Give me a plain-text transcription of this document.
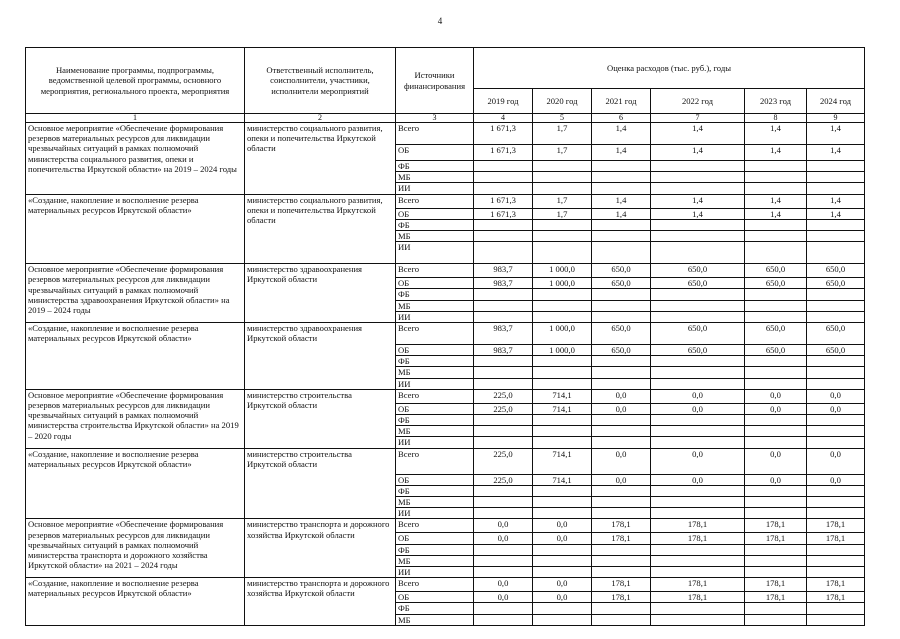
4
Наименование программы, подпрограммы, ведомственной целевой программы, основного мероприятия, регионального проекта, мероприятия	Ответственный исполнитель, соисполнители, участники, исполнители мероприятий	Источники финансирования	Оценка расходов (тыс. руб.), годы					
			2019 год	2020 год	2021 год	2022 год	2023 год	2024 год
1	2	3	4	5	6	7	8	9
Основное мероприятие «Обеспечение формирования резервов материальных ресурсов для ликвидации чрезвычайных ситуаций в рамках полномочий министерства социального развития, опеки и попечительства Иркутской области» на 2019 – 2024 годы	министерство социального развития, опеки и попечительства Иркутской области	Всего	1 671,3	1,7	1,4	1,4	1,4	1,4
		ОБ	1 671,3	1,7	1,4	1,4	1,4	1,4
		ФБ						
		МБ						
		ИИ						
«Создание, накопление и восполнение резерва материальных ресурсов Иркутской области»	министерство социального развития, опеки и попечительства Иркутской области	Всего	1 671,3	1,7	1,4	1,4	1,4	1,4
		ОБ	1 671,3	1,7	1,4	1,4	1,4	1,4
		ФБ						
		МБ						
		ИИ						
Основное мероприятие «Обеспечение формирования резервов материальных ресурсов для ликвидации чрезвычайных ситуаций в рамках полномочий министерства здравоохранения Иркутской области» на 2019 – 2024 годы	министерство здравоохранения Иркутской области	Всего	983,7	1 000,0	650,0	650,0	650,0	650,0
		ОБ	983,7	1 000,0	650,0	650,0	650,0	650,0
		ФБ						
		МБ						
		ИИ						
«Создание, накопление и восполнение резерва материальных ресурсов Иркутской области»	министерство здравоохранения Иркутской области	Всего	983,7	1 000,0	650,0	650,0	650,0	650,0
		ОБ	983,7	1 000,0	650,0	650,0	650,0	650,0
		ФБ						
		МБ						
		ИИ						
Основное мероприятие «Обеспечение формирования резервов материальных ресурсов для ликвидации чрезвычайных ситуаций в рамках полномочий министерства строительства Иркутской области» на 2019 – 2020 годы	министерство строительства Иркутской области	Всего	225,0	714,1	0,0	0,0	0,0	0,0
		ОБ	225,0	714,1	0,0	0,0	0,0	0,0
		ФБ						
		МБ						
		ИИ						
«Создание, накопление и восполнение резерва материальных ресурсов Иркутской области»	министерство строительства Иркутской области	Всего	225,0	714,1	0,0	0,0	0,0	0,0
		ОБ	225,0	714,1	0,0	0,0	0,0	0,0
		ФБ						
		МБ						
		ИИ						
Основное мероприятие «Обеспечение формирования резервов материальных ресурсов для ликвидации чрезвычайных ситуаций в рамках полномочий министерства транспорта и дорожного хозяйства Иркутской области» на 2021 – 2024 годы	министерство транспорта и дорожного хозяйства Иркутской области	Всего	0,0	0,0	178,1	178,1	178,1	178,1
		ОБ	0,0	0,0	178,1	178,1	178,1	178,1
		ФБ						
		МБ						
		ИИ						
«Создание, накопление и восполнение резерва материальных ресурсов Иркутской области»	министерство транспорта и дорожного хозяйства Иркутской области	Всего	0,0	0,0	178,1	178,1	178,1	178,1
		ОБ	0,0	0,0	178,1	178,1	178,1	178,1
		ФБ						
		МБ						
